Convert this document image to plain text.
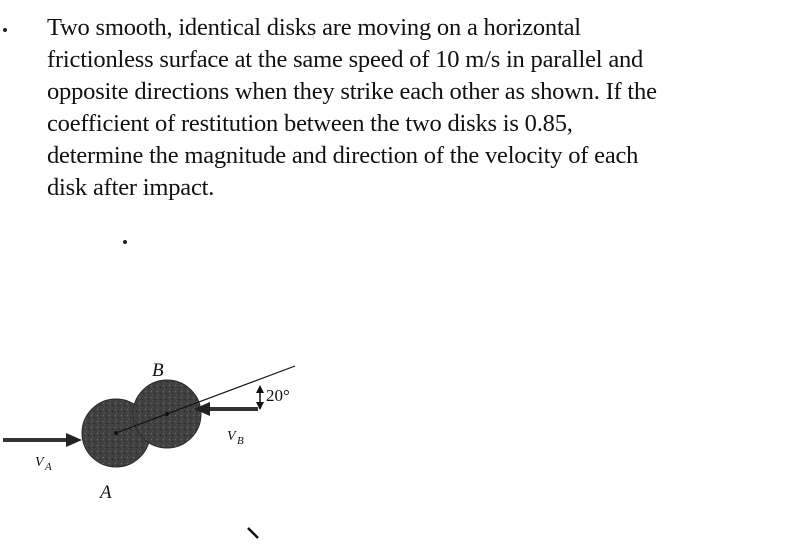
Two smooth, identical disks are moving on a horizontal
frictionless surface at the same speed of 10 m/s in parallel and
opposite directions when they strike each other as shown. If the
coefficient of restitution between the two disks is 0.85,
determine the magnitude and direction of the velocity of each
disk after impact.
B
A
20°
V A
V B
